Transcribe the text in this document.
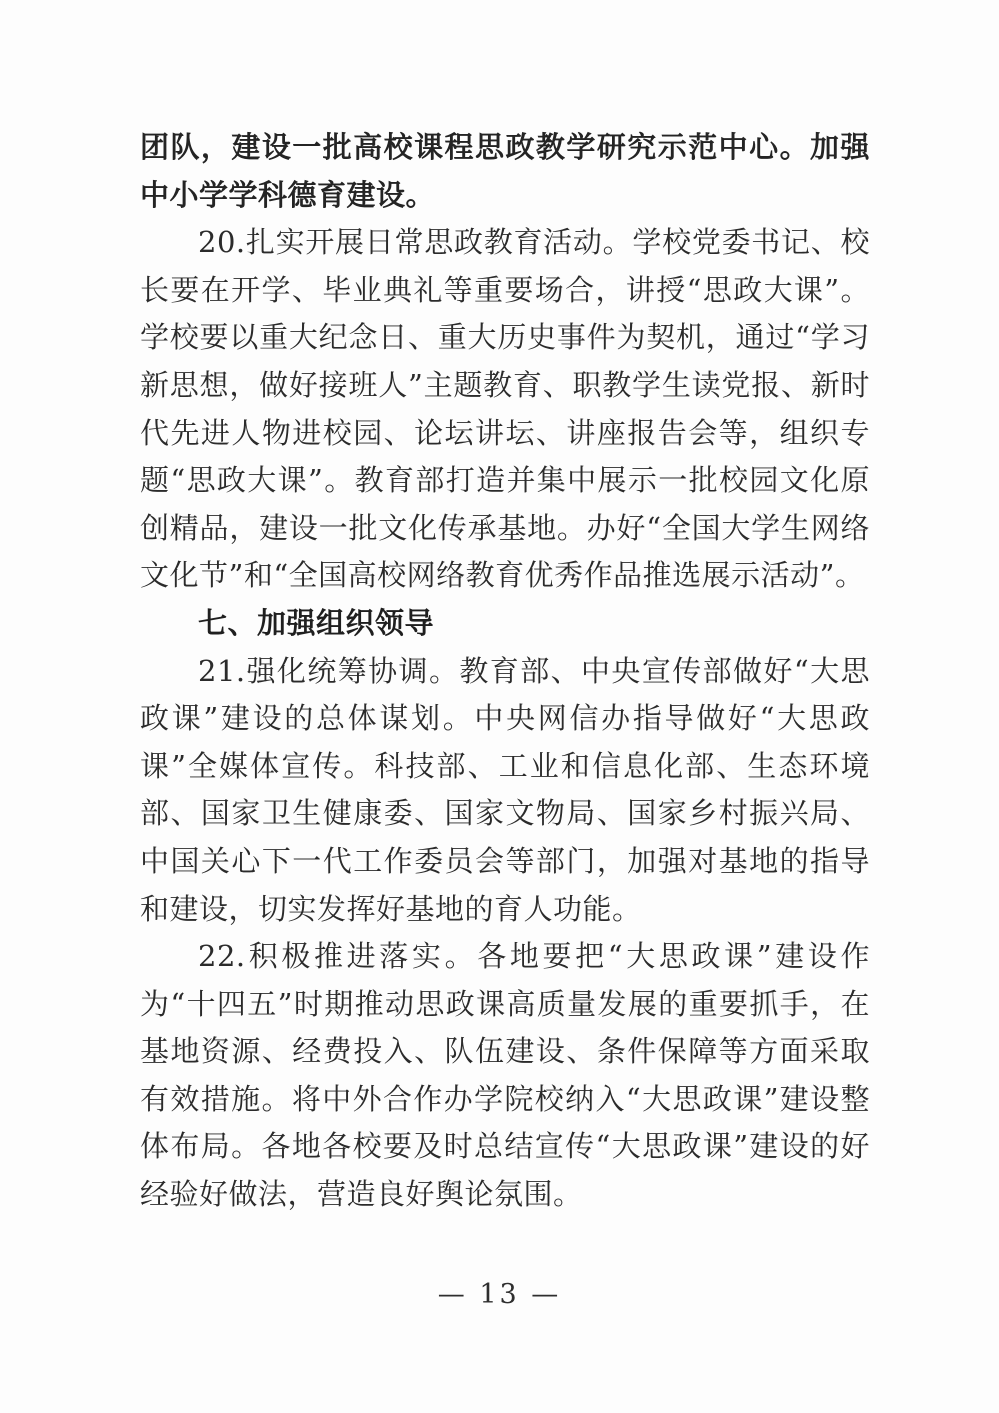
团队，建设一批高校课程思政教学研究示范中心。加强中小学学科德育建设。

20.扎实开展日常思政教育活动。学校党委书记、校长要在开学、毕业典礼等重要场合，讲授“思政大课”。学校要以重大纪念日、重大历史事件为契机，通过“学习新思想，做好接班人”主题教育、职教学生读党报、新时代先进人物进校园、论坛讲坛、讲座报告会等，组织专题“思政大课”。教育部打造并集中展示一批校园文化原创精品，建设一批文化传承基地。办好“全国大学生网络文化节”和“全国高校网络教育优秀作品推选展示活动”。

七、加强组织领导

21.强化统筹协调。教育部、中央宣传部做好“大思政课”建设的总体谋划。中央网信办指导做好“大思政课”全媒体宣传。科技部、工业和信息化部、生态环境部、国家卫生健康委、国家文物局、国家乡村振兴局、中国关心下一代工作委员会等部门，加强对基地的指导和建设，切实发挥好基地的育人功能。

22.积极推进落实。各地要把“大思政课”建设作为“十四五”时期推动思政课高质量发展的重要抓手，在基地资源、经费投入、队伍建设、条件保障等方面采取有效措施。将中外合作办学院校纳入“大思政课”建设整体布局。各地各校要及时总结宣传“大思政课”建设的好经验好做法，营造良好舆论氛围。

— 13 —
